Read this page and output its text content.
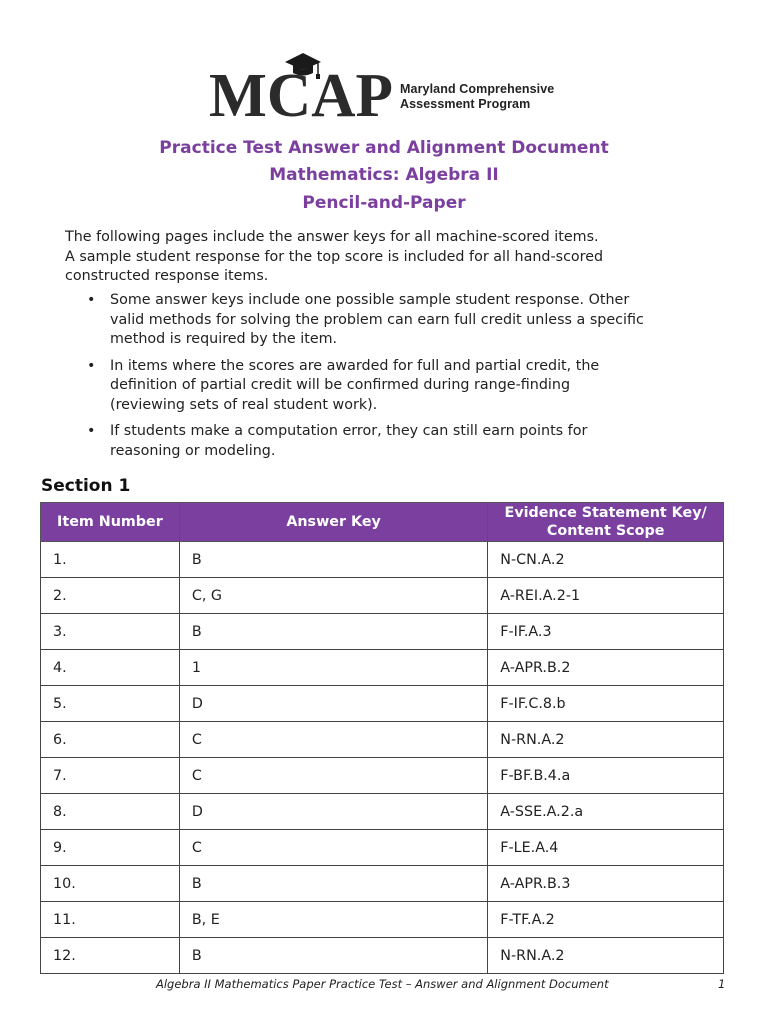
MCAP Maryland Comprehensive
Assessment Program
Practice Test Answer and Alignment Document
Mathematics: Algebra II
Pencil-and-Paper
The following pages include the answer keys for all machine-scored items.
A sample student response for the top score is included for all hand-scored
constructed response items.
• Some answer keys include one possible sample student response. Other
valid methods for solving the problem can earn full credit unless a specific
method is required by the item.
• In items where the scores are awarded for full and partial credit, the
definition of partial credit will be confirmed during range-finding
(reviewing sets of real student work).
• If students make a computation error, they can still earn points for
reasoning or modeling.
Section 1
Item Number	Answer Key	Evidence Statement Key/
Content Scope

1.	B	N-CN.A.2
2.	C, G	A-REI.A.2-1
3.	B	F-IF.A.3
4.	1	A-APR.B.2
5.	D	F-IF.C.8.b
6.	C	N-RN.A.2
7.	C	F-BF.B.4.a
8.	D	A-SSE.A.2.a
9.	C	F-LE.A.4
10.	B	A-APR.B.3
11.	B, E	F-TF.A.2
12.	B	N-RN.A.2
Algebra II Mathematics Paper Practice Test – Answer and Alignment Document	1
